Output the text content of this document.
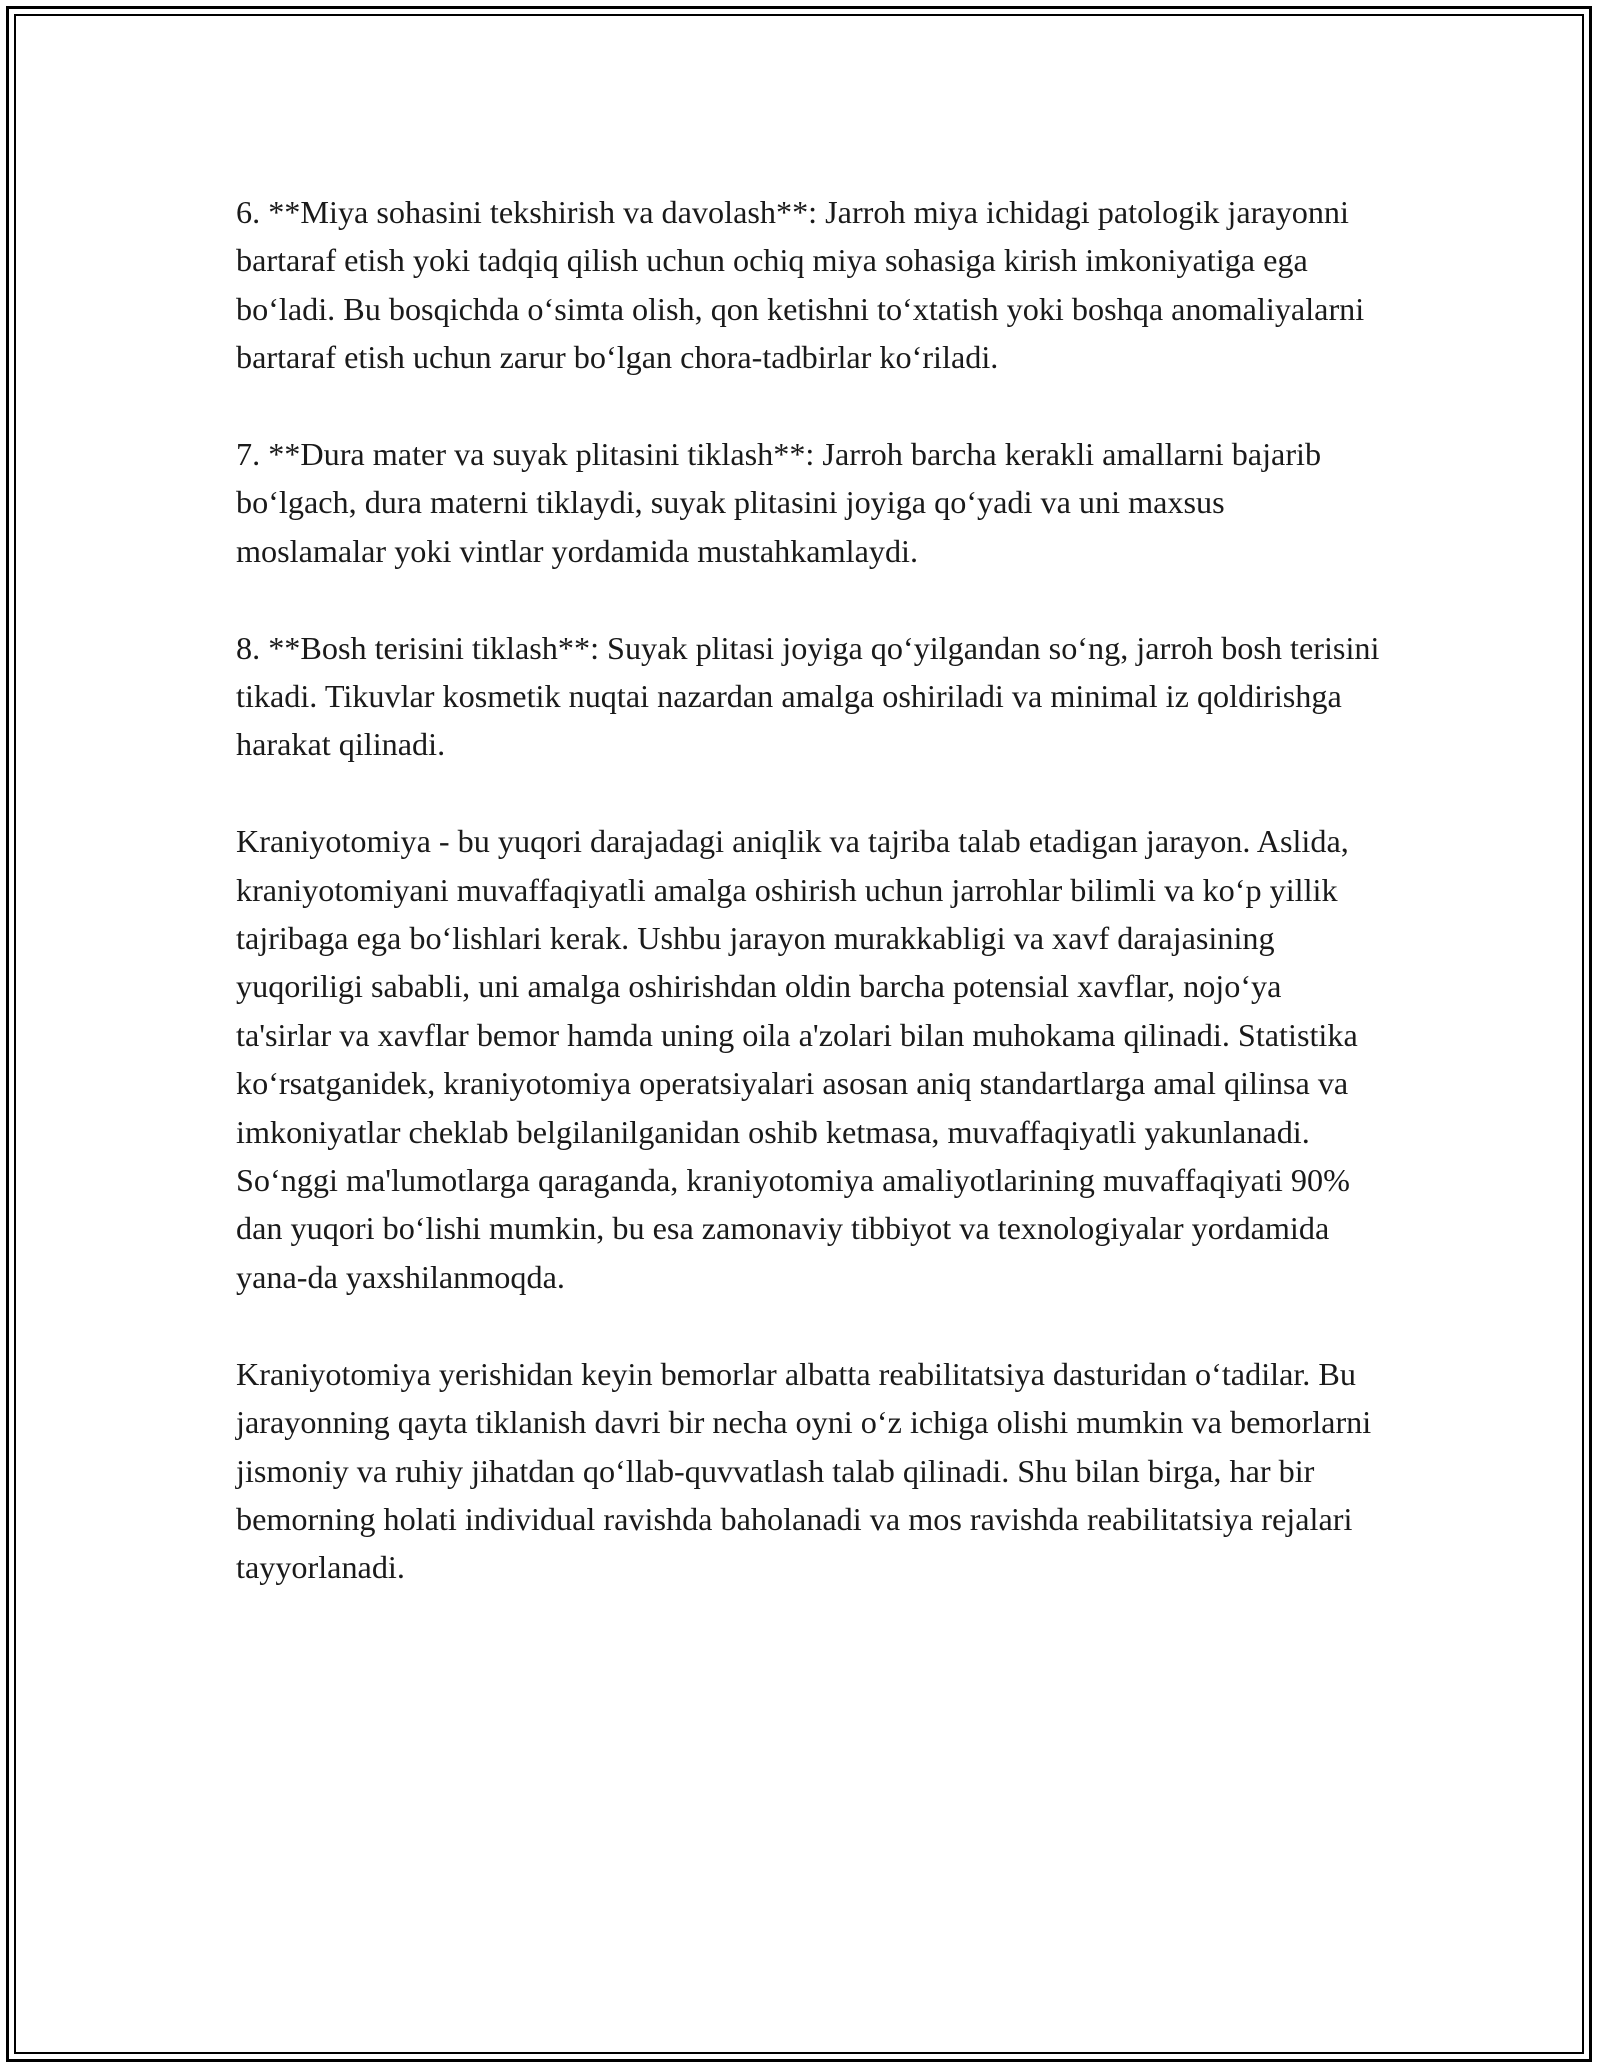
6. **Miya sohasini tekshirish va davolash**: Jarroh miya ichidagi patologik jarayonni bartaraf etish yoki tadqiq qilish uchun ochiq miya sohasiga kirish imkoniyatiga ega bo‘ladi. Bu bosqichda o‘simta olish, qon ketishni to‘xtatish yoki boshqa anomaliyalarni bartaraf etish uchun zarur bo‘lgan chora-tadbirlar ko‘riladi.

7. **Dura mater va suyak plitasini tiklash**: Jarroh barcha kerakli amallarni bajarib bo‘lgach, dura materni tiklaydi, suyak plitasini joyiga qo‘yadi va uni maxsus moslamalar yoki vintlar yordamida mustahkamlaydi.

8. **Bosh terisini tiklash**: Suyak plitasi joyiga qo‘yilgandan so‘ng, jarroh bosh terisini tikadi. Tikuvlar kosmetik nuqtai nazardan amalga oshiriladi va minimal iz qoldirishga harakat qilinadi.

Kraniyotomiya - bu yuqori darajadagi aniqlik va tajriba talab etadigan jarayon. Aslida, kraniyotomiyani muvaffaqiyatli amalga oshirish uchun jarrohlar bilimli va ko‘p yillik tajribaga ega bo‘lishlari kerak. Ushbu jarayon murakkabligi va xavf darajasining yuqoriligi sababli, uni amalga oshirishdan oldin barcha potensial xavflar, nojo‘ya ta'sirlar va xavflar bemor hamda uning oila a'zolari bilan muhokama qilinadi. Statistika ko‘rsatganidek, kraniyotomiya operatsiyalari asosan aniq standartlarga amal qilinsa va imkoniyatlar cheklab belgilanilganidan oshib ketmasa, muvaffaqiyatli yakunlanadi. So‘nggi ma'lumotlarga qaraganda, kraniyotomiya amaliyotlarining muvaffaqiyati 90% dan yuqori bo‘lishi mumkin, bu esa zamonaviy tibbiyot va texnologiyalar yordamida yana-da yaxshilanmoqda.

Kraniyotomiya yerishidan keyin bemorlar albatta reabilitatsiya dasturidan o‘tadilar. Bu jarayonning qayta tiklanish davri bir necha oyni o‘z ichiga olishi mumkin va bemorlarni jismoniy va ruhiy jihatdan qo‘llab-quvvatlash talab qilinadi. Shu bilan birga, har bir bemorning holati individual ravishda baholanadi va mos ravishda reabilitatsiya rejalari tayyorlanadi.
